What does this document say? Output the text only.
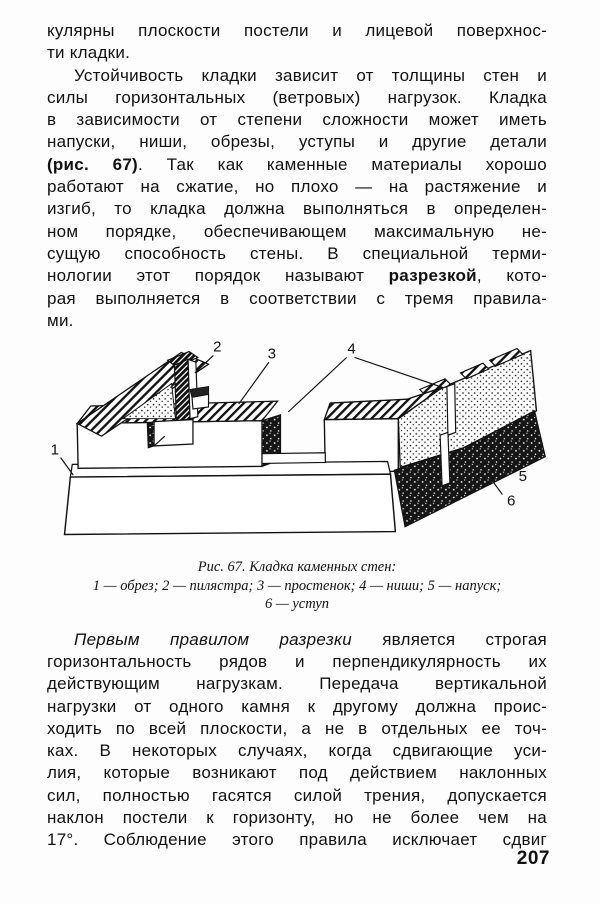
кулярны плоскости постели и лицевой поверхнос-
ти кладки.
Устойчивость кладки зависит от толщины стен и
силы горизонтальных (ветровых) нагрузок. Кладка
в зависимости от степени сложности может иметь
напуски, ниши, обрезы, уступы и другие детали
(рис. 67). Так как каменные материалы хорошо
работают на сжатие, но плохо — на растяжение и
изгиб, то кладка должна выполняться в определен-
ном порядке, обеспечивающем максимальную не-
сущую способность стены. В специальной терми-
нологии этот порядок называют разрезкой, кото-
рая выполняется в соответствии с тремя правила-
ми.
1
2	3	4
5
6
Рис. 67. Кладка каменных стен:
1 — обрез; 2 — пилястра; 3 — простенок; 4 — ниши; 5 — напуск;
6 — уступ
Первым правилом разрезки является строгая
горизонтальность рядов и перпендикулярность их
действующим нагрузкам. Передача вертикальной
нагрузки от одного камня к другому должна проис-
ходить по всей плоскости, а не в отдельных ее точ-
ках. В некоторых случаях, когда сдвигающие уси-
лия, которые возникают под действием наклонных
сил, полностью гасятся силой трения, допускается
наклон постели к горизонту, но не более чем на
17°. Соблюдение этого правила исключает сдвиг
207
